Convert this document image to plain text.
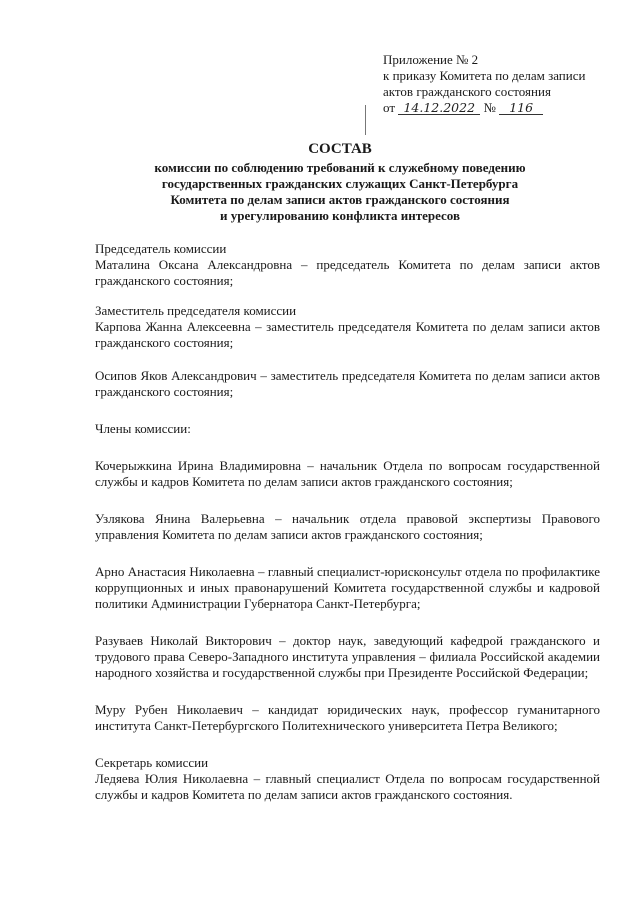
Приложение № 2
к приказу Комитета по делам записи
актов гражданского состояния
от 14.12.2022 № 116
СОСТАВ
комиссии по соблюдению требований к служебному поведению
государственных гражданских служащих Санкт-Петербурга
Комитета по делам записи актов гражданского состояния
и урегулированию конфликта интересов

Председатель комиссии

Маталина Оксана Александровна – председатель Комитета по делам записи актов гражданского состояния;

Заместитель председателя комиссии

Карпова Жанна Алексеевна – заместитель председателя Комитета по делам записи актов гражданского состояния;

Осипов Яков Александрович – заместитель председателя Комитета по делам записи актов гражданского состояния;

Члены комиссии:

Кочерыжкина Ирина Владимировна – начальник Отдела по вопросам государственной службы и кадров Комитета по делам записи актов гражданского состояния;

Узлякова Янина Валерьевна – начальник отдела правовой экспертизы Правового управления Комитета по делам записи актов гражданского состояния;

Арно Анастасия Николаевна – главный специалист-юрисконсульт отдела по профилактике коррупционных и иных правонарушений Комитета государственной службы и кадровой политики Администрации Губернатора Санкт-Петербурга;

Разуваев Николай Викторович – доктор наук, заведующий кафедрой гражданского и трудового права Северо-Западного института управления – филиала Российской академии народного хозяйства и государственной службы при Президенте Российской Федерации;

Муру Рубен Николаевич – кандидат юридических наук, профессор гуманитарного института Санкт-Петербургского Политехнического университета Петра Великого;

Секретарь комиссии

Ледяева Юлия Николаевна – главный специалист Отдела по вопросам государственной службы и кадров Комитета по делам записи актов гражданского состояния.
